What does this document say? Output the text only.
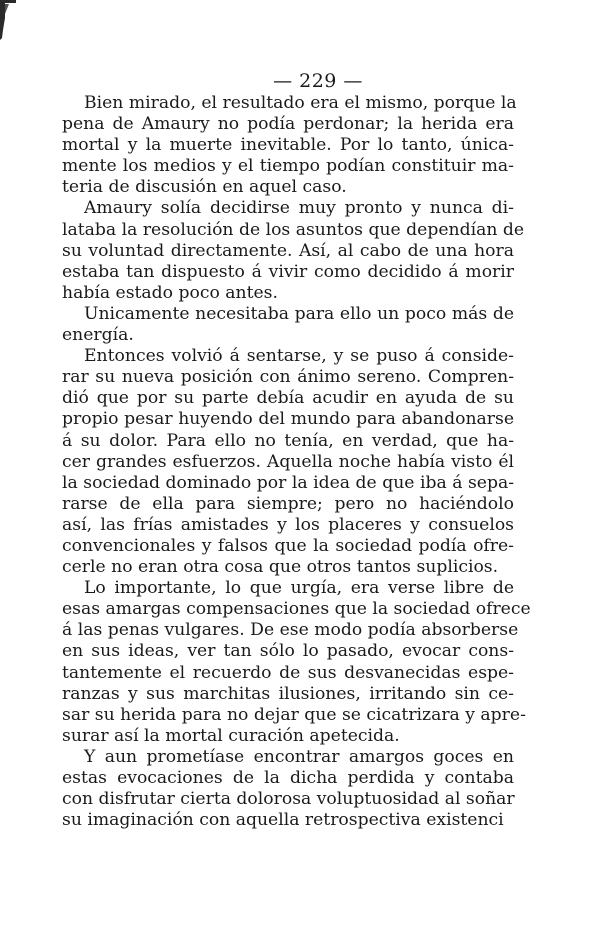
— 229 —
Bien mirado, el resultado era el mismo, porque la
pena de Amaury no podía perdonar; la herida era
mortal y la muerte inevitable. Por lo tanto, única-
mente los medios y el tiempo podían constituir ma-
teria de discusión en aquel caso.
Amaury solía decidirse muy pronto y nunca di-
lataba la resolución de los asuntos que dependían de
su voluntad directamente. Así, al cabo de una hora
estaba tan dispuesto á vivir como decidido á morir
había estado poco antes.
Unicamente necesitaba para ello un poco más de
energía.
Entonces volvió á sentarse, y se puso á conside-
rar su nueva posición con ánimo sereno. Compren-
dió que por su parte debía acudir en ayuda de su
propio pesar huyendo del mundo para abandonarse
á su dolor. Para ello no tenía, en verdad, que ha-
cer grandes esfuerzos. Aquella noche había visto él
la sociedad dominado por la idea de que iba á sepa-
rarse de ella para siempre; pero no haciéndolo
así, las frías amistades y los placeres y consuelos
convencionales y falsos que la sociedad podía ofre-
cerle no eran otra cosa que otros tantos suplicios.
Lo importante, lo que urgía, era verse libre de
esas amargas compensaciones que la sociedad ofrece
á las penas vulgares. De ese modo podía absorberse
en sus ideas, ver tan sólo lo pasado, evocar cons-
tantemente el recuerdo de sus desvanecidas espe-
ranzas y sus marchitas ilusiones, irritando sin ce-
sar su herida para no dejar que se cicatrizara y apre-
surar así la mortal curación apetecida.
Y aun prometíase encontrar amargos goces en
estas evocaciones de la dicha perdida y contaba
con disfrutar cierta dolorosa voluptuosidad al soñar
su imaginación con aquella retrospectiva existenci
